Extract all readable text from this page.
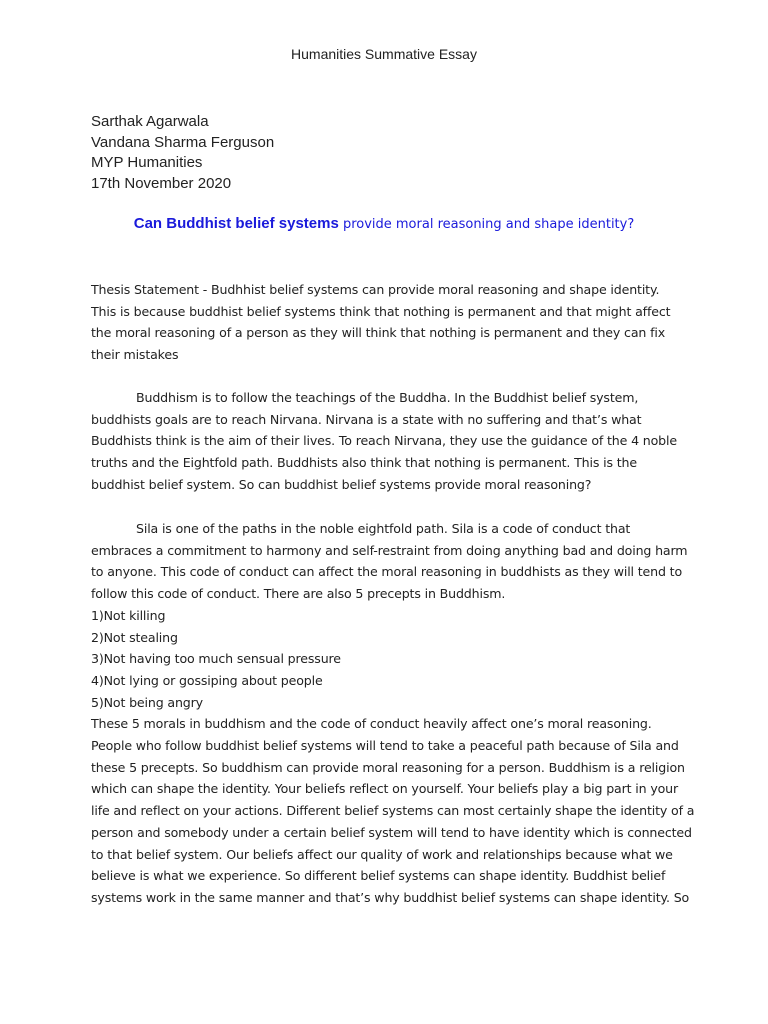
Humanities Summative Essay
Sarthak Agarwala
Vandana Sharma Ferguson
MYP Humanities
17th November 2020
Can Buddhist belief systems provide moral reasoning and shape identity?
Thesis Statement - Budhhist belief systems can provide moral reasoning and shape identity.
This is because buddhist belief systems think that nothing is permanent and that might affect
the moral reasoning of a person as they will think that nothing is permanent and they can fix
their mistakes
Buddhism is to follow the teachings of the Buddha. In the Buddhist belief system,
buddhists goals are to reach Nirvana. Nirvana is a state with no suffering and that’s what
Buddhists think is the aim of their lives. To reach Nirvana, they use the guidance of the 4 noble
truths and the Eightfold path. Buddhists also think that nothing is permanent. This is the
buddhist belief system. So can buddhist belief systems provide moral reasoning?
Sila is one of the paths in the noble eightfold path. Sila is a code of conduct that
embraces a commitment to harmony and self-restraint from doing anything bad and doing harm
to anyone. This code of conduct can affect the moral reasoning in buddhists as they will tend to
follow this code of conduct. There are also 5 precepts in Buddhism.
1)Not killing
2)Not stealing
3)Not having too much sensual pressure
4)Not lying or gossiping about people
5)Not being angry
These 5 morals in buddhism and the code of conduct heavily affect one’s moral reasoning.
People who follow buddhist belief systems will tend to take a peaceful path because of Sila and
these 5 precepts. So buddhism can provide moral reasoning for a person. Buddhism is a religion
which can shape the identity. Your beliefs reflect on yourself. Your beliefs play a big part in your
life and reflect on your actions. Different belief systems can most certainly shape the identity of a
person and somebody under a certain belief system will tend to have identity which is connected
to that belief system. Our beliefs affect our quality of work and relationships because what we
believe is what we experience. So different belief systems can shape identity. Buddhist belief
systems work in the same manner and that’s why buddhist belief systems can shape identity. So
